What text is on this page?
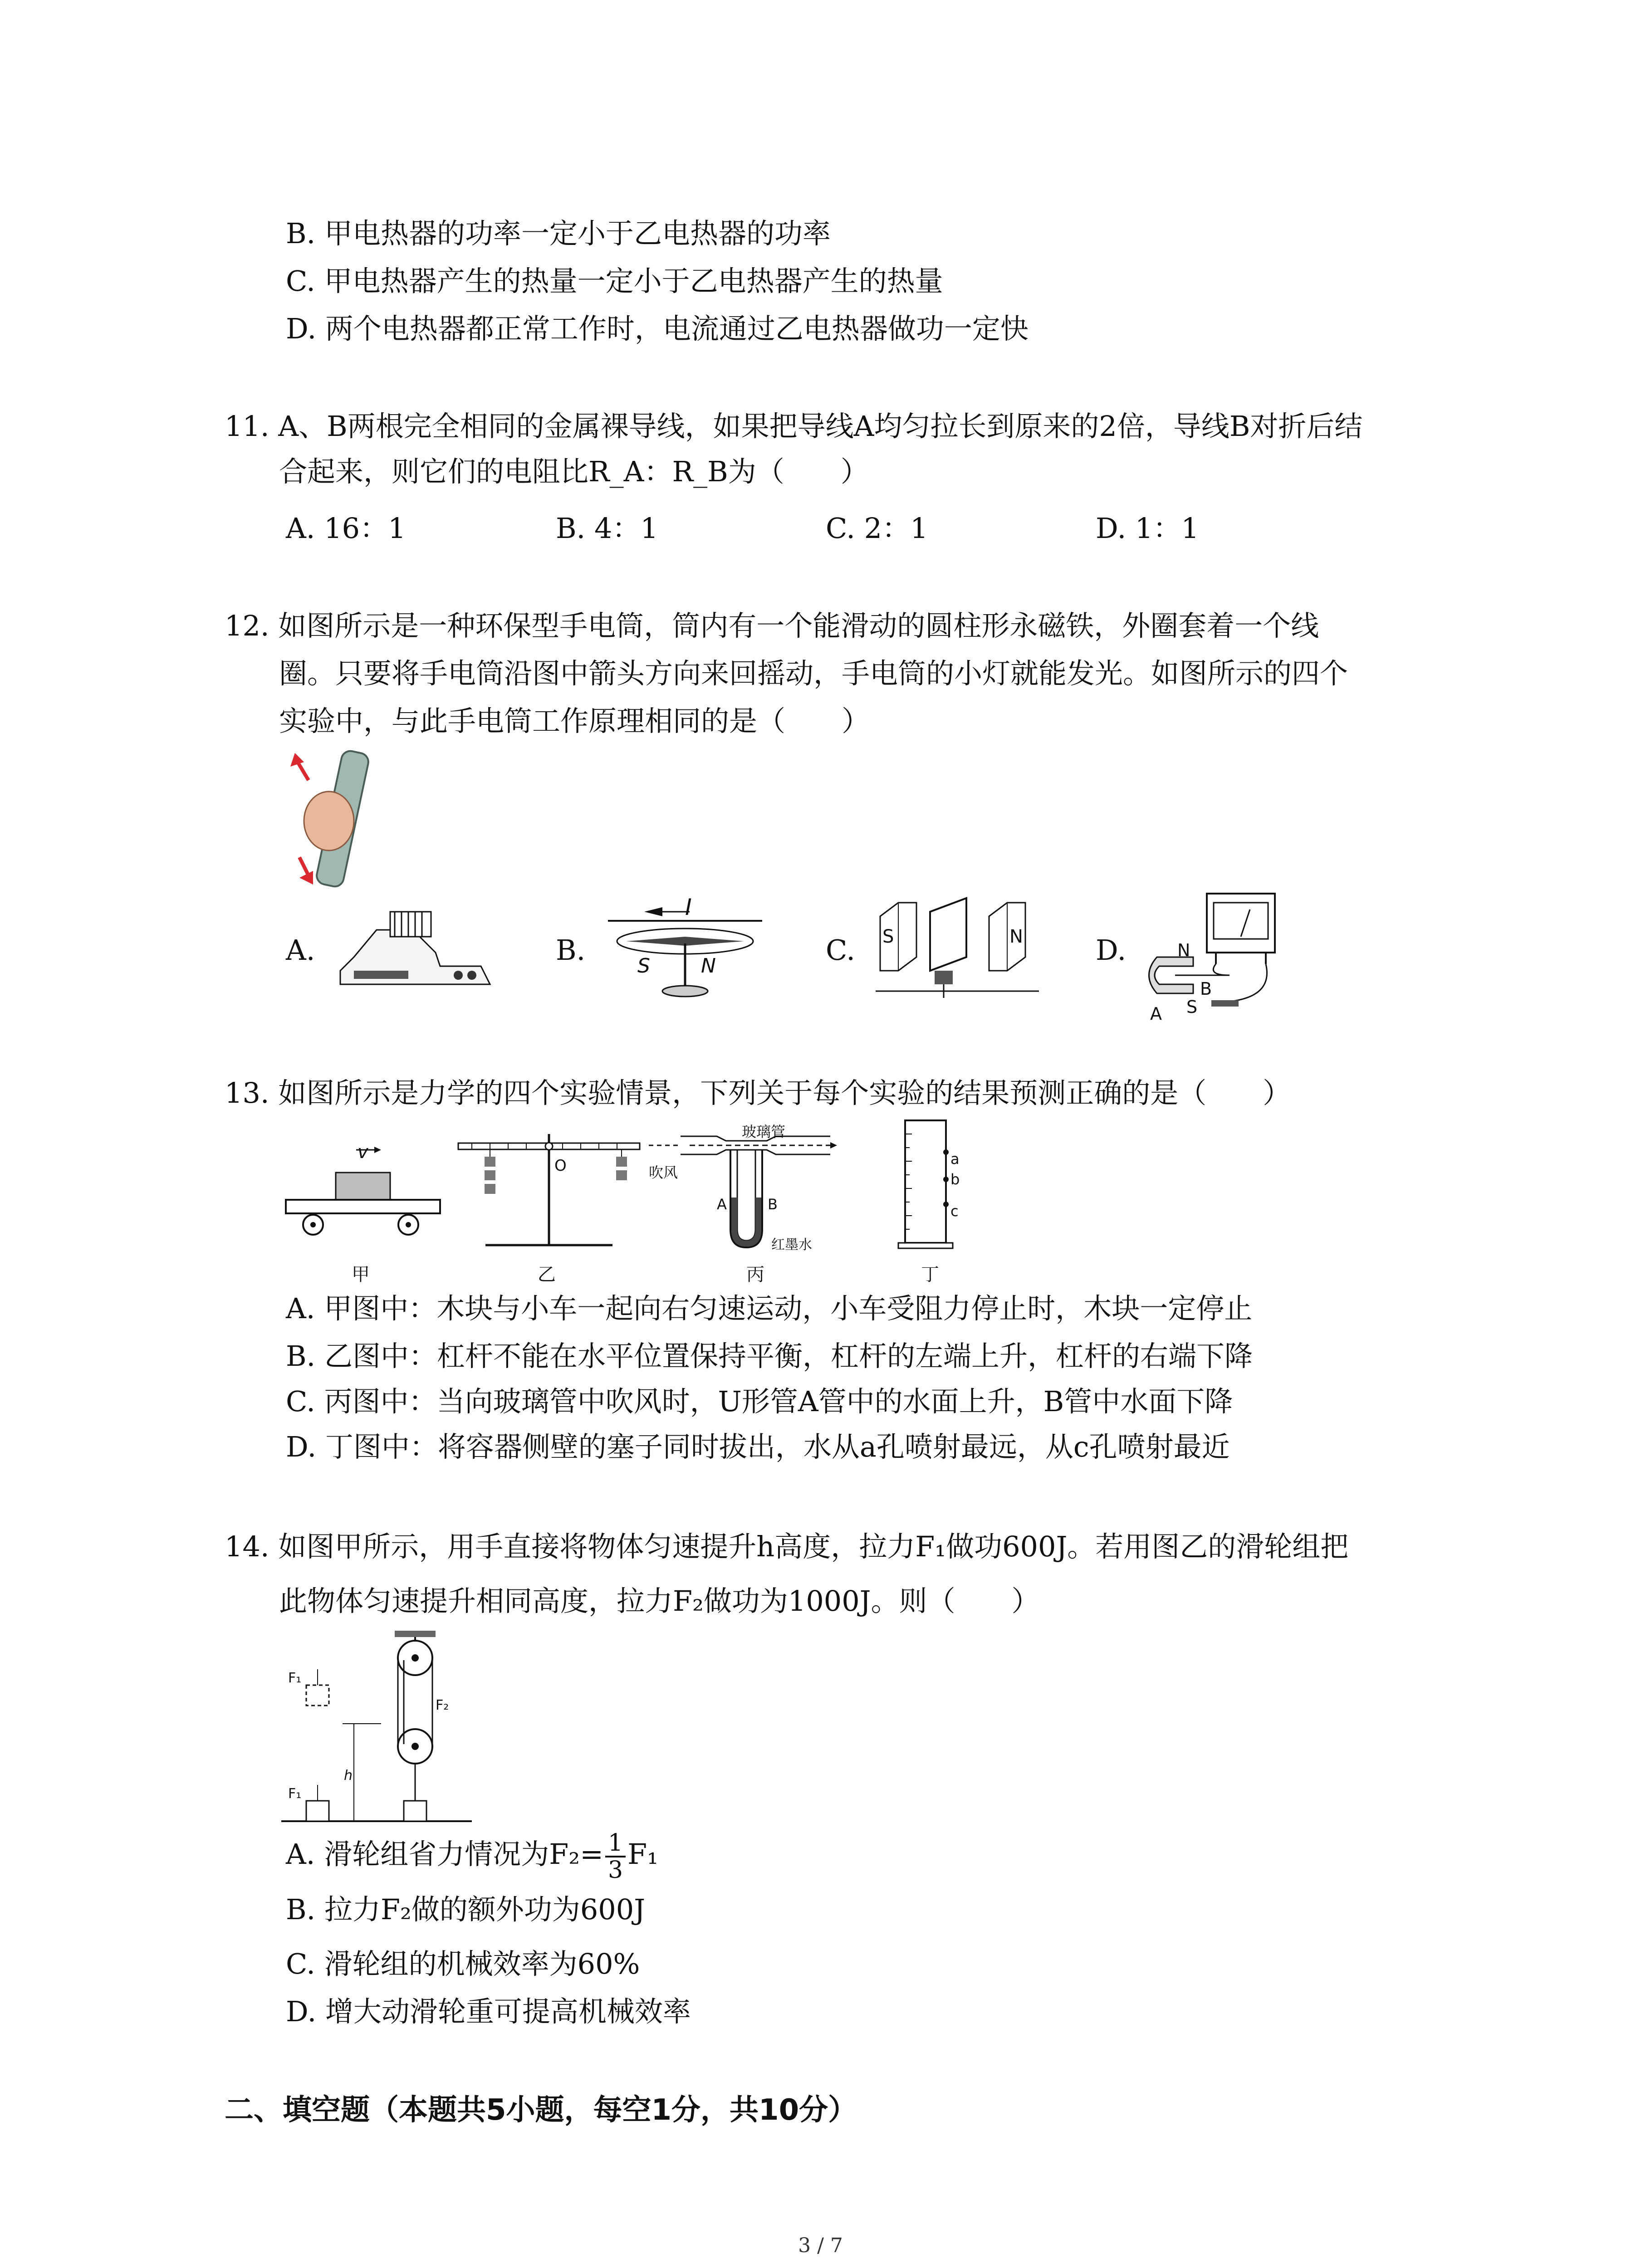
B. 甲电热器的功率一定小于乙电热器的功率
C. 甲电热器产生的热量一定小于乙电热器产生的热量
D. 两个电热器都正常工作时，电流通过乙电热器做功一定快
11. A、B两根完全相同的金属裸导线，如果把导线A均匀拉长到原来的2倍，导线B对折后结
合起来，则它们的电阻比R_A：R_B为（　　）
A. 16：1	B. 4：1	C. 2：1	D. 1：1
12. 如图所示是一种环保型手电筒，筒内有一个能滑动的圆柱形永磁铁，外圈套着一个线
圈。只要将手电筒沿图中箭头方向来回摇动，手电筒的小灯就能发光。如图所示的四个
实验中，与此手电筒工作原理相同的是（　　）
A.	B.
I
S	N	C. S	N	D.	N
S
A
B
13. 如图所示是力学的四个实验情景，下列关于每个实验的结果预测正确的是（　　）
v
甲
O
乙
玻璃管
吹风
A	B
红墨水
丙
a
b
c
丁
A. 甲图中：木块与小车一起向右匀速运动，小车受阻力停止时，木块一定停止
B. 乙图中：杠杆不能在水平位置保持平衡，杠杆的左端上升，杠杆的右端下降
C. 丙图中：当向玻璃管中吹风时，U形管A管中的水面上升，B管中水面下降
D. 丁图中：将容器侧壁的塞子同时拔出，水从a孔喷射最远，从c孔喷射最近
14. 如图甲所示，用手直接将物体匀速提升h高度，拉力F₁做功600J。若用图乙的滑轮组把
此物体匀速提升相同高度，拉力F₂做功为1000J。则（　　）
F₁
F₁
F₂
h
A. 滑轮组省力情况为$F_2= \frac{1}{3} F_1$
B. 拉力F₂做的额外功为600J
C. 滑轮组的机械效率为60%
D. 增大动滑轮重可提高机械效率
二、填空题（本题共5小题，每空1分，共10分）
3 / 7
